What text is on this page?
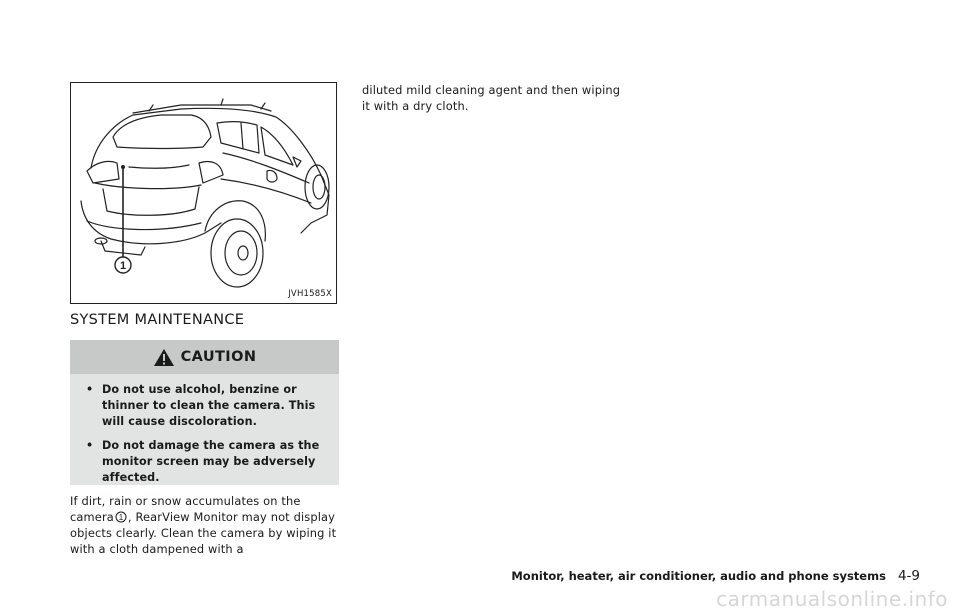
1
JVH1585X
SYSTEM MAINTENANCE
CAUTION
• Do not use alcohol, benzine or thinner to clean the camera. This will cause discoloration.
• Do not damage the camera as the monitor screen may be adversely affected.

If dirt, rain or snow accumulates on the camera 1 , RearView Monitor may not display objects clearly. Clean the camera by wiping it with a cloth dampened with a

diluted mild cleaning agent and then wiping it with a dry cloth.

Monitor, heater, air conditioner, audio and phone systems 4-9
carmanualsonline.info
